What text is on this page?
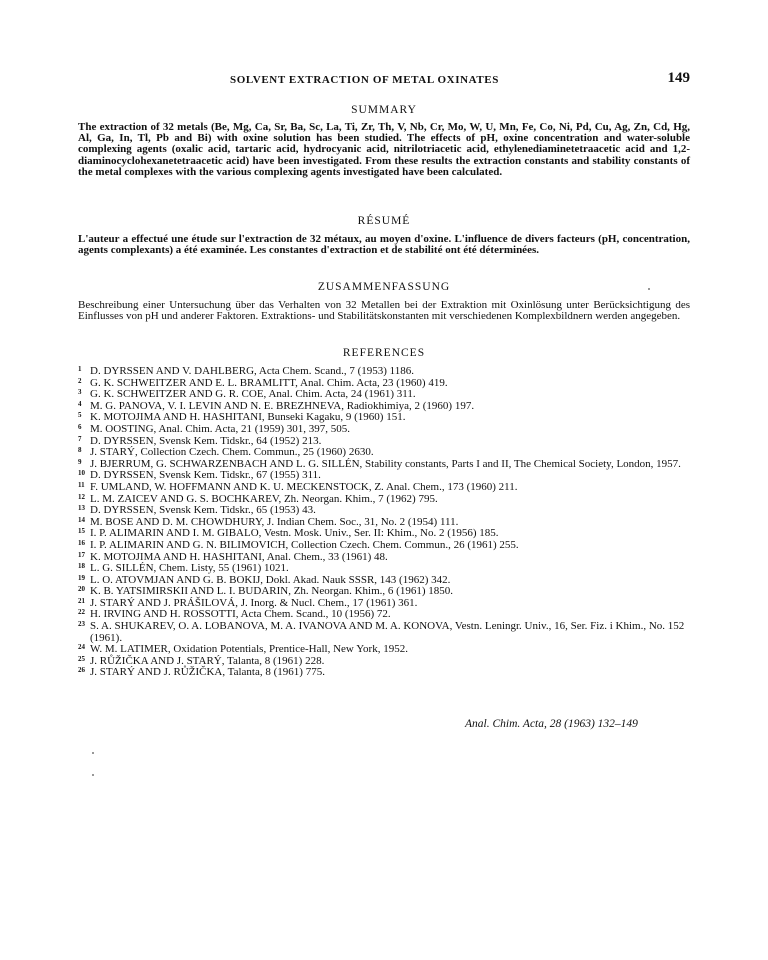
SOLVENT EXTRACTION OF METAL OXINATES	149
SUMMARY
The extraction of 32 metals (Be, Mg, Ca, Sr, Ba, Sc, La, Ti, Zr, Th, V, Nb, Cr, Mo, W, U, Mn, Fe, Co, Ni, Pd, Cu, Ag, Zn, Cd, Hg, Al, Ga, In, Tl, Pb and Bi) with oxine solution has been studied. The effects of pH, oxine concentration and water-soluble complexing agents (oxalic acid, tartaric acid, hydrocyanic acid, nitrilotriacetic acid, ethylenediaminetetraacetic acid and 1,2-diaminocyclohexanetetraacetic acid) have been investigated. From these results the extraction constants and stability constants of the metal complexes with the various complexing agents investigated have been calculated.
RÉSUMÉ
L'auteur a effectué une étude sur l'extraction de 32 métaux, au moyen d'oxine. L'influence de divers facteurs (pH, concentration, agents complexants) a été examinée. Les constantes d'extraction et de stabilité ont été déterminées.
ZUSAMMENFASSUNG
Beschreibung einer Untersuchung über das Verhalten von 32 Metallen bei der Extraktion mit Oxinlösung unter Berücksichtigung des Einflusses von pH und anderer Faktoren. Extraktions- und Stabilitätskonstanten mit verschiedenen Komplexbildnern werden angegeben.
REFERENCES
1 D. DYRSSEN AND V. DAHLBERG, Acta Chem. Scand., 7 (1953) 1186.
2 G. K. SCHWEITZER AND E. L. BRAMLITT, Anal. Chim. Acta, 23 (1960) 419.
3 G. K. SCHWEITZER AND G. R. COE, Anal. Chim. Acta, 24 (1961) 311.
4 M. G. PANOVA, V. I. LEVIN AND N. E. BREZHNEVA, Radiokhimiya, 2 (1960) 197.
5 K. MOTOJIMA AND H. HASHITANI, Bunseki Kagaku, 9 (1960) 151.
6 M. OOSTING, Anal. Chim. Acta, 21 (1959) 301, 397, 505.
7 D. DYRSSEN, Svensk Kem. Tidskr., 64 (1952) 213.
8 J. STARÝ, Collection Czech. Chem. Commun., 25 (1960) 2630.
9 J. BJERRUM, G. SCHWARZENBACH AND L. G. SILLÉN, Stability constants, Parts I and II, The Chemical Society, London, 1957.
10 D. DYRSSEN, Svensk Kem. Tidskr., 67 (1955) 311.
11 F. UMLAND, W. HOFFMANN AND K. U. MECKENSTOCK, Z. Anal. Chem., 173 (1960) 211.
12 L. M. ZAICEV AND G. S. BOCHKAREV, Zh. Neorgan. Khim., 7 (1962) 795.
13 D. DYRSSEN, Svensk Kem. Tidskr., 65 (1953) 43.
14 M. BOSE AND D. M. CHOWDHURY, J. Indian Chem. Soc., 31, No. 2 (1954) 111.
15 I. P. ALIMARIN AND I. M. GIBALO, Vestn. Mosk. Univ., Ser. II: Khim., No. 2 (1956) 185.
16 I. P. ALIMARIN AND G. N. BILIMOVICH, Collection Czech. Chem. Commun., 26 (1961) 255.
17 K. MOTOJIMA AND H. HASHITANI, Anal. Chem., 33 (1961) 48.
18 L. G. SILLÉN, Chem. Listy, 55 (1961) 1021.
19 L. O. ATOVMJAN AND G. B. BOKIJ, Dokl. Akad. Nauk SSSR, 143 (1962) 342.
20 K. B. YATSIMIRSKII AND L. I. BUDARIN, Zh. Neorgan. Khim., 6 (1961) 1850.
21 J. STARÝ AND J. PRÁŠILOVÁ, J. Inorg. & Nucl. Chem., 17 (1961) 361.
22 H. IRVING AND H. ROSSOTTI, Acta Chem. Scand., 10 (1956) 72.
23 S. A. SHUKAREV, O. A. LOBANOVA, M. A. IVANOVA AND M. A. KONOVA, Vestn. Leningr. Univ., 16, Ser. Fiz. i Khim., No. 152 (1961).
24 W. M. LATIMER, Oxidation Potentials, Prentice-Hall, New York, 1952.
25 J. RŮŽIČKA AND J. STARÝ, Talanta, 8 (1961) 228.
26 J. STARÝ AND J. RŮŽIČKA, Talanta, 8 (1961) 775.
Anal. Chim. Acta, 28 (1963) 132–149
